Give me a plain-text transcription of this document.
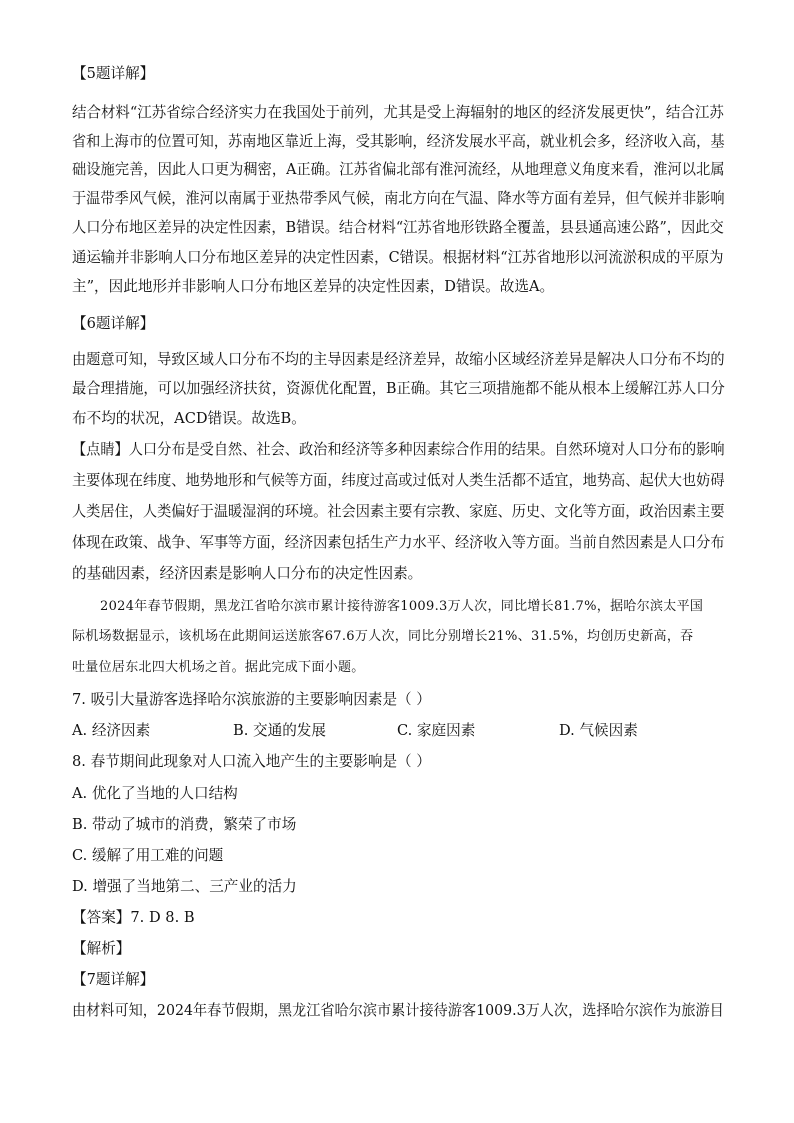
【5题详解】
结合材料“江苏省综合经济实力在我国处于前列，尤其是受上海辐射的地区的经济发展更快”，结合江苏
省和上海市的位置可知，苏南地区靠近上海，受其影响，经济发展水平高，就业机会多，经济收入高，基
础设施完善，因此人口更为稠密，A正确。江苏省偏北部有淮河流经，从地理意义角度来看，淮河以北属
于温带季风气候，淮河以南属于亚热带季风气候，南北方向在气温、降水等方面有差异，但气候并非影响
人口分布地区差异的决定性因素，B错误。结合材料“江苏省地形铁路全覆盖，县县通高速公路”，因此交
通运输并非影响人口分布地区差异的决定性因素，C错误。根据材料“江苏省地形以河流淤积成的平原为
主”，因此地形并非影响人口分布地区差异的决定性因素，D错误。故选A。
【6题详解】
由题意可知，导致区域人口分布不均的主导因素是经济差异，故缩小区域经济差异是解决人口分布不均的
最合理措施，可以加强经济扶贫，资源优化配置，B正确。其它三项措施都不能从根本上缓解江苏人口分
布不均的状况，ACD错误。故选B。
【点睛】人口分布是受自然、社会、政治和经济等多种因素综合作用的结果。自然环境对人口分布的影响
主要体现在纬度、地势地形和气候等方面，纬度过高或过低对人类生活都不适宜，地势高、起伏大也妨碍
人类居住，人类偏好于温暖湿润的环境。社会因素主要有宗教、家庭、历史、文化等方面，政治因素主要
体现在政策、战争、军事等方面，经济因素包括生产力水平、经济收入等方面。当前自然因素是人口分布
的基础因素，经济因素是影响人口分布的决定性因素。
2024年春节假期，黑龙江省哈尔滨市累计接待游客1009.3万人次，同比增长81.7%，据哈尔滨太平国
际机场数据显示，该机场在此期间运送旅客67.6万人次，同比分别增长21%、31.5%，均创历史新高，吞
吐量位居东北四大机场之首。据此完成下面小题。
7. 吸引大量游客选择哈尔滨旅游的主要影响因素是（ ）
A. 经济因素	B. 交通的发展	C. 家庭因素	D. 气候因素
8. 春节期间此现象对人口流入地产生的主要影响是（ ）
A. 优化了当地的人口结构
B. 带动了城市的消费，繁荣了市场
C. 缓解了用工难的问题
D. 增强了当地第二、三产业的活力
【答案】7. D 8. B
【解析】
【7题详解】
由材料可知，2024年春节假期，黑龙江省哈尔滨市累计接待游客1009.3万人次，选择哈尔滨作为旅游目
